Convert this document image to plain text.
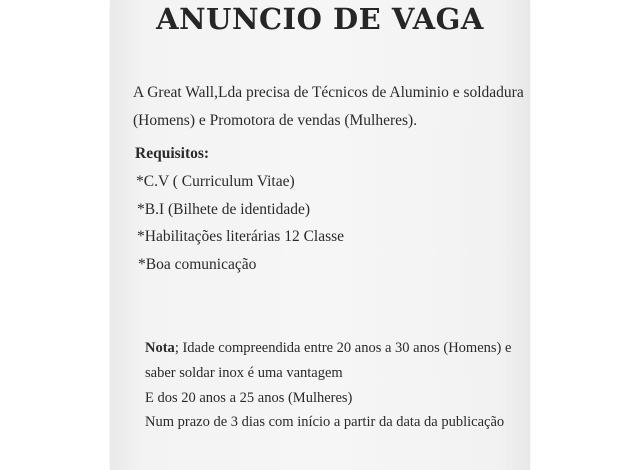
ANUNCIO DE VAGA

A Great Wall,Lda precisa de Técnicos de Aluminio e soldadura

(Homens) e Promotora de vendas (Mulheres).

Requisitos:

*C.V ( Curriculum Vitae)

*B.I (Bilhete de identidade)

*Habilitações literárias 12 Classe

*Boa comunicação

Nota; Idade compreendida entre 20 anos a 30 anos (Homens) e

saber soldar inox é uma vantagem

E dos 20 anos a 25 anos (Mulheres)

Num prazo de 3 dias com início a partir da data da publicação
